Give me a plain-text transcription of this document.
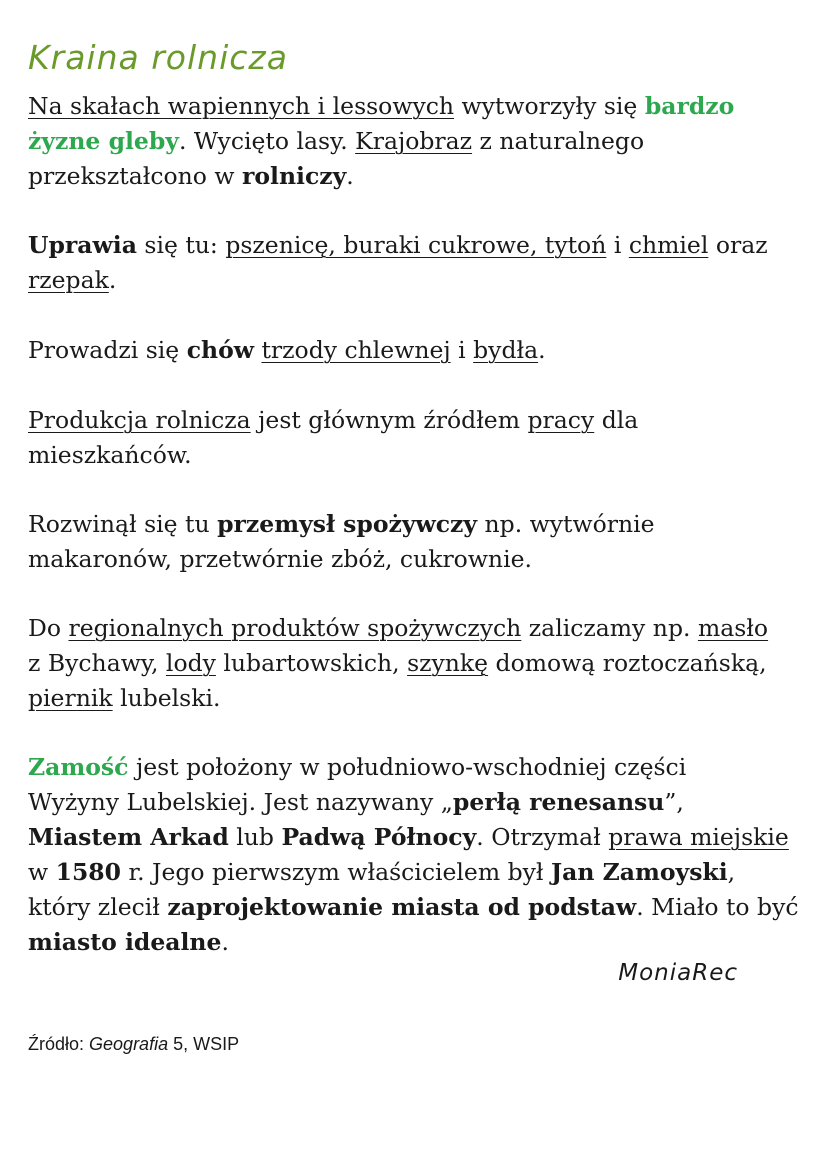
Kraina rolnicza

Na skałach wapiennych i lessowych wytworzyły się bardzo
żyzne gleby. Wycięto lasy. Krajobraz z naturalnego
przekształcono w rolniczy.

Uprawia się tu: pszenicę, buraki cukrowe, tytoń i chmiel oraz
rzepak.

Prowadzi się chów trzody chlewnej i bydła.

Produkcja rolnicza jest głównym źródłem pracy dla
mieszkańców.

Rozwinął się tu przemysł spożywczy np. wytwórnie
makaronów, przetwórnie zbóż, cukrownie.

Do regionalnych produktów spożywczych zaliczamy np. masło
z Bychawy, lody lubartowskich, szynkę domową roztoczańską,
piernik lubelski.

Zamość jest położony w południowo-wschodniej części
Wyżyny Lubelskiej. Jest nazywany „perłą renesansu”,
Miastem Arkad lub Padwą Północy. Otrzymał prawa miejskie
w 1580 r. Jego pierwszym właścicielem był Jan Zamoyski,
który zlecił zaprojektowanie miasta od podstaw. Miało to być
miasto idealne.

MoniaRec

Źródło: Geografia 5, WSIP
